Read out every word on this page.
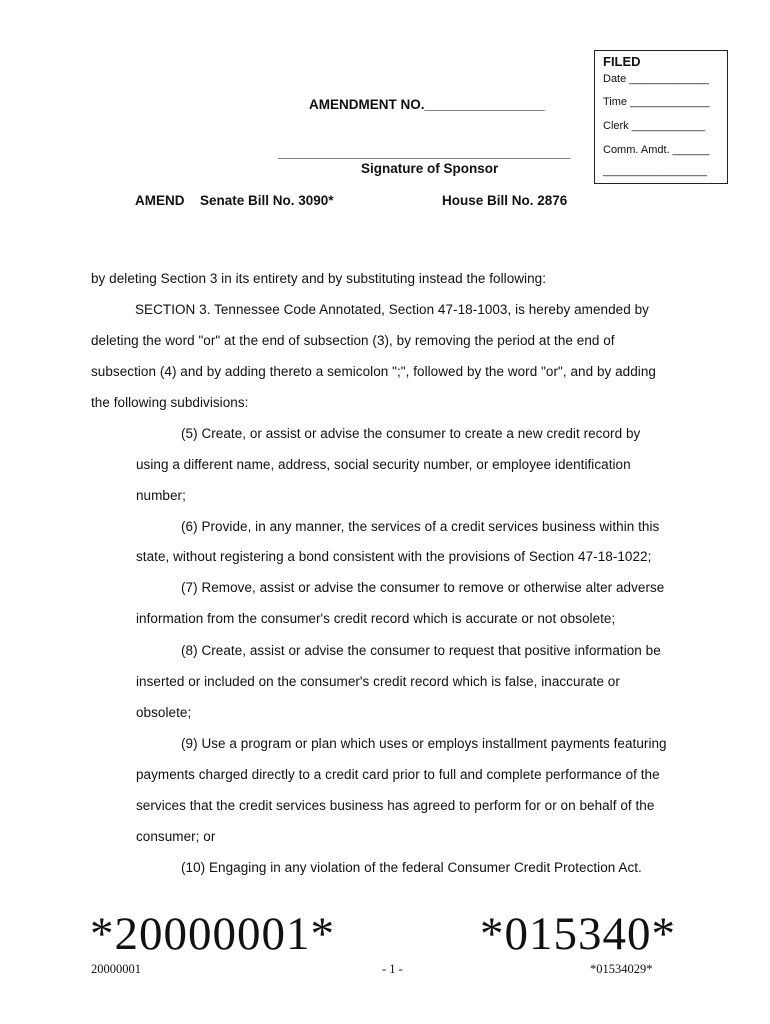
FILED
Date _____________
Time _____________
Clerk ____________
Comm. Amdt. ______
_________________
AMENDMENT NO.________________
_______________________________________
Signature of Sponsor
AMEND Senate Bill No. 3090*	House Bill No. 2876
by deleting Section 3 in its entirety and by substituting instead the following:
SECTION 3. Tennessee Code Annotated, Section 47-18-1003, is hereby amended by
deleting the word "or" at the end of subsection (3), by removing the period at the end of
subsection (4) and by adding thereto a semicolon ";", followed by the word "or", and by adding
the following subdivisions:
(5) Create, or assist or advise the consumer to create a new credit record by
using a different name, address, social security number, or employee identification
number;
(6) Provide, in any manner, the services of a credit services business within this
state, without registering a bond consistent with the provisions of Section 47-18-1022;
(7) Remove, assist or advise the consumer to remove or otherwise alter adverse
information from the consumer's credit record which is accurate or not obsolete;
(8) Create, assist or advise the consumer to request that positive information be
inserted or included on the consumer's credit record which is false, inaccurate or
obsolete;
(9) Use a program or plan which uses or employs installment payments featuring
payments charged directly to a credit card prior to full and complete performance of the
services that the credit services business has agreed to perform for or on behalf of the
consumer; or
(10) Engaging in any violation of the federal Consumer Credit Protection Act.
*20000001*	*015340*
20000001	- 1 -	*01534029*
